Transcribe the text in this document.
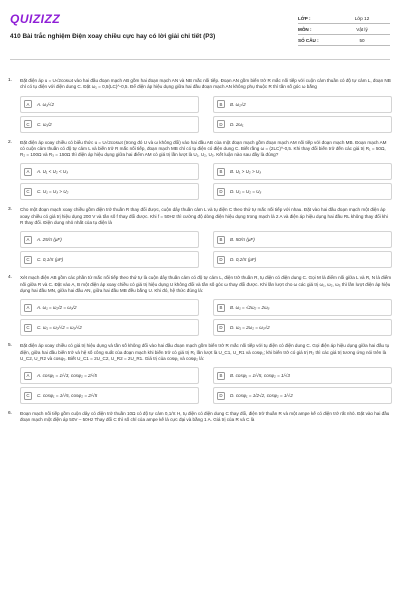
QUIZIZZ
410 Bài trắc nghiệm Điện xoay chiều cực hay có lời giải chi tiết (P3)
LỚP :	Lớp 12
MÔN :	Vật lý
SỐ CÂU :	50
1.	Đặt điện áp u = U√2cosωt vào hai đầu đoạn mạch AB gồm hai đoạn mạch AN và NB mắc nối tiếp. Đoạn AN gồm biến trở R mắc nối tiếp với cuộn cảm thuần có độ tự cảm L, đoạn NB chỉ có tụ điện với điện dung C. Đặt ω₁ = 0,5(LC)^-0,5. Để điện áp hiệu dụng giữa hai đầu đoạn mạch AN không phụ thuộc R thì tần số góc ω bằng
A	A. ω₁/√2	B	B. ω₁√2
C	C. ω₁/2	D	D. 2ω₁
2.	Đặt điện áp xoay chiều có biểu thức u = U√2cosωt (trong đó U và ω không đổi) vào hai đầu AB của một đoạn mạch gồm đoạn mạch AM nối tiếp với đoạn mạch MB. Đoạn mạch AM có cuộn cảm thuần có độ tự cảm L và biến trở R mắc nối tiếp, đoạn mạch MB chỉ có tụ điện có điện dung C. Biết rằng ω = (2LC)^-0,5. Khi thay đổi biến trở đến các giá trị R₁ = 50Ω, R₂ = 100Ω và R₃ = 150Ω thì điện áp hiệu dụng giữa hai điểm AM có giá trị lần lượt là U₁, U₂, U₃. Kết luận nào sau đây là đúng?
A	A. U₁ < U₂ < U₃	B	B. U₁ > U₂ > U₃
C	C. U₁ = U₃ > U₂	D	D. U₁ = U₂ = U₃
3.	Cho một đoạn mạch xoay chiều gồm điện trở thuần R thay đổi được, cuộn dây thuần cảm L và tụ điện C theo thứ tự mắc nối tiếp với nhau. Đặt vào hai đầu đoạn mạch một điện áp xoay chiều có giá trị hiệu dụng 200 V và tần số f thay đổi được. Khi f = 50Hz thì cường độ dòng điện hiệu dụng trong mạch là 2 A và điện áp hiệu dụng hai đầu RL không thay đổi khi R thay đổi. Điện dung nhỏ nhất của tụ điện là
A	A. 25/π (μF)	B	B. 50/π (μF)
C	C. 0,1/π (μF)	D	D. 0,2/π (μF)
4.	Xét mạch điện AB gồm các phần tử mắc nối tiếp theo thứ tự là cuộn dây thuần cảm có độ tự cảm L, điện trở thuần R, tụ điện có điện dung C. Gọi M là điểm nối giữa L và R, N là điểm nối giữa R và C. Đặt vào A, B một điện áp xoay chiều có giá trị hiệu dụng U không đổi và tần số góc ω thay đổi được. Khi lần lượt cho ω các giá trị ω₁, ω₂, ω₃ thì lần lượt điện áp hiệu dụng hai đầu MN, giữa hai đầu AN, giữa hai đầu MB đều bằng U. Khi đó, hệ thức đúng là:
A	A. ω₁ = ω₂/2 = ω₃/2	B	B. ω₁ = √2ω₂ = 2ω₃
C	C. ω₁ = ω₂/√2 = ω₃/√2	D	D. ω₁ = 2ω₂ = ω₃√2
5.	Đặt điện áp xoay chiều có giá trị hiệu dụng và tần số không đổi vào hai đầu đoạn mạch gồm biến trở R mắc nối tiếp với tụ điện có điện dung C. Gọi điện áp hiệu dụng giữa hai đầu tụ điện, giữa hai đầu biến trở và hệ số công suất của đoạn mạch khi biến trở có giá trị R₁ lần lượt là U_C1, U_R1 và cosφ₁; khi biến trở có giá trị R₂ thì các giá trị tương ứng nói trên là U_C2, U_R2 và cosφ₂. Biết U_C1 = 2U_C2, U_R2 = 2U_R1. Giá trị của cosφ₁ và cosφ₂ là:
A	A. cosφ₁ = 1/√3, cosφ₂ = 2/√5	B	B. cosφ₁ = 1/√5, cosφ₂ = 1/√3
C	C. cosφ₁ = 1/√5, cosφ₂ = 2/√5	D	D. cosφ₁ = 1/2√2, cosφ₂ = 1/√2
6.	Đoạn mạch nối tiếp gồm cuộn dây có điện trở thuần 10Ω có độ tự cảm 0,1/π H, tụ điện có điện dung C thay đổi, điện trở thuần R và một ampe kế có điện trở rất nhỏ. Đặt vào hai đầu đoạn mạch một điện áp 50V – 50Hz Thay đổi C thì số chỉ của ampe kế là cực đại và bằng 1 A. Giá trị của R và C là
